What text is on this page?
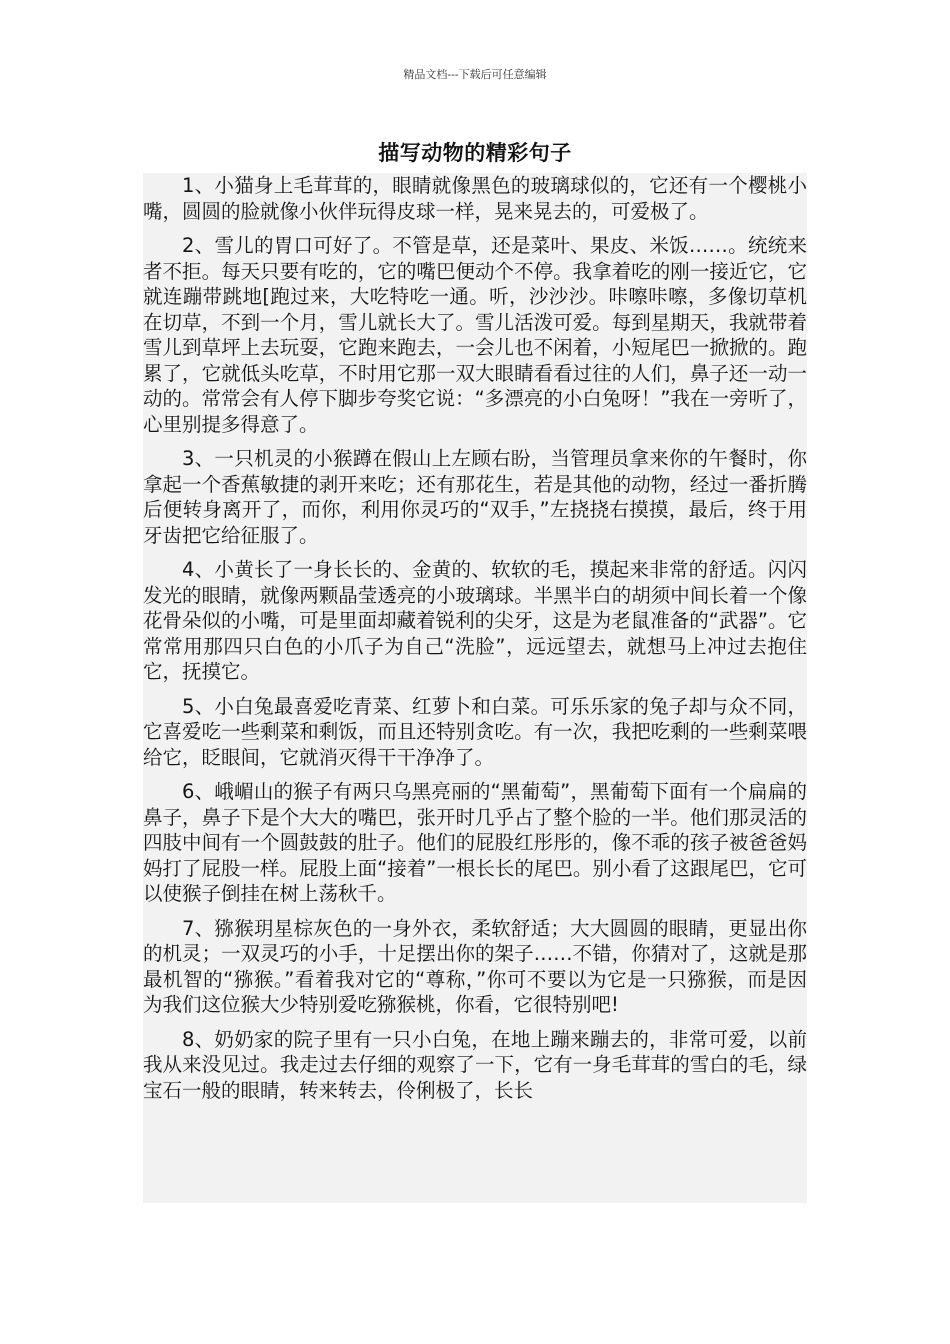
精品文档---下载后可任意编辑
描写动物的精彩句子

1、小猫身上毛茸茸的，眼睛就像黑色的玻璃球似的，它还有一个樱桃小嘴，圆圆的脸就像小伙伴玩得皮球一样，晃来晃去的，可爱极了。

2、雪儿的胃口可好了。不管是草，还是菜叶、果皮、米饭……。统统来者不拒。每天只要有吃的，它的嘴巴便动个不停。我拿着吃的刚一接近它，它就连蹦带跳地[跑过来，大吃特吃一通。听，沙沙沙。咔嚓咔嚓，多像切草机在切草，不到一个月，雪儿就长大了。雪儿活泼可爱。每到星期天，我就带着雪儿到草坪上去玩耍，它跑来跑去，一会儿也不闲着，小短尾巴一掀掀的。跑累了，它就低头吃草，不时用它那一双大眼睛看看过往的人们，鼻子还一动一动的。常常会有人停下脚步夸奖它说：“多漂亮的小白兔呀！”我在一旁听了，心里别提多得意了。

3、一只机灵的小猴蹲在假山上左顾右盼，当管理员拿来你的午餐时，你拿起一个香蕉敏捷的剥开来吃；还有那花生，若是其他的动物，经过一番折腾后便转身离开了，而你，利用你灵巧的“双手，”左挠挠右摸摸，最后，终于用牙齿把它给征服了。

4、小黄长了一身长长的、金黄的、软软的毛，摸起来非常的舒适。闪闪发光的眼睛，就像两颗晶莹透亮的小玻璃球。半黑半白的胡须中间长着一个像花骨朵似的小嘴，可是里面却藏着锐利的尖牙，这是为老鼠准备的“武器”。它常常用那四只白色的小爪子为自己“洗脸”，远远望去，就想马上冲过去抱住它，抚摸它。

5、小白兔最喜爱吃青菜、红萝卜和白菜。可乐乐家的兔子却与众不同，它喜爱吃一些剩菜和剩饭，而且还特别贪吃。有一次，我把吃剩的一些剩菜喂给它，眨眼间，它就消灭得干干净净了。

6、峨嵋山的猴子有两只乌黑亮丽的“黑葡萄”，黑葡萄下面有一个扁扁的鼻子，鼻子下是个大大的嘴巴，张开时几乎占了整个脸的一半。他们那灵活的四肢中间有一个圆鼓鼓的肚子。他们的屁股红彤彤的，像不乖的孩子被爸爸妈妈打了屁股一样。屁股上面“接着”一根长长的尾巴。别小看了这跟尾巴，它可以使猴子倒挂在树上荡秋千。

7、猕猴玥星棕灰色的一身外衣，柔软舒适；大大圆圆的眼睛，更显出你的机灵；一双灵巧的小手，十足摆出你的架子……不错，你猜对了，这就是那最机智的“猕猴。”看着我对它的“尊称，”你可不要以为它是一只猕猴，而是因为我们这位猴大少特别爱吃猕猴桃，你看，它很特别吧!

8、奶奶家的院子里有一只小白兔，在地上蹦来蹦去的，非常可爱，以前我从来没见过。我走过去仔细的观察了一下，它有一身毛茸茸的雪白的毛，绿宝石一般的眼睛，转来转去，伶俐极了，长长
